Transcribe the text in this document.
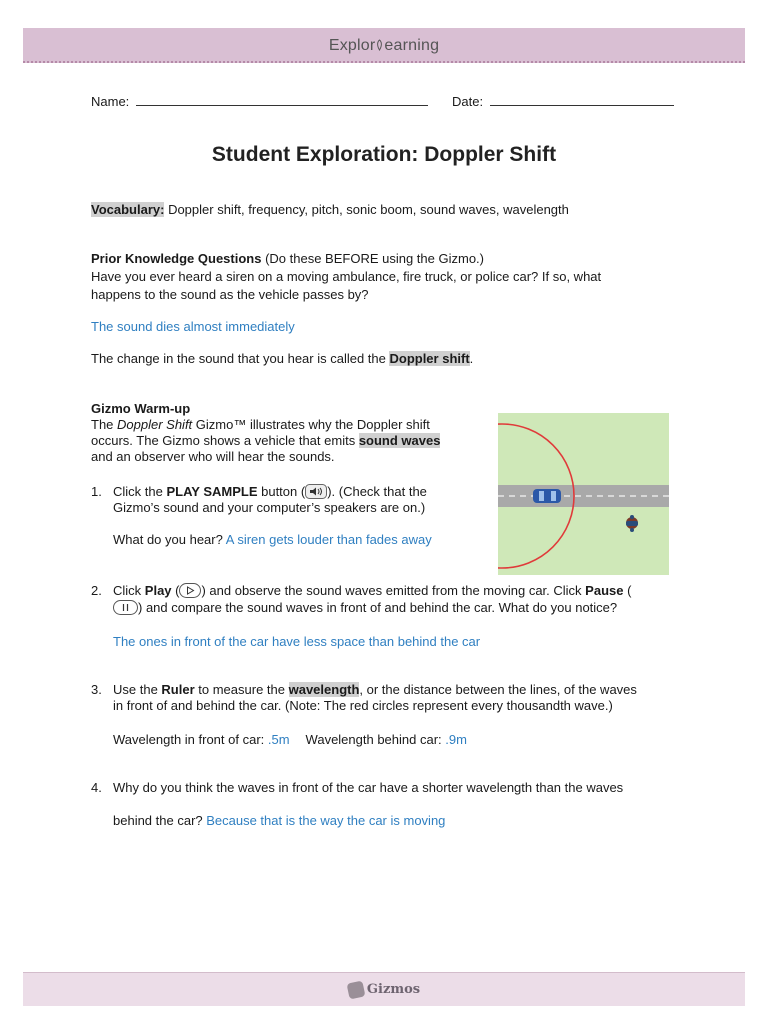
Explor earning
Name:	Date:
Student Exploration: Doppler Shift
Vocabulary: Doppler shift, frequency, pitch, sonic boom, sound waves, wavelength
Prior Knowledge Questions (Do these BEFORE using the Gizmo.)
Have you ever heard a siren on a moving ambulance, fire truck, or police car? If so, what
happens to the sound as the vehicle passes by?
The sound dies almost immediately
The change in the sound that you hear is called the Doppler shift.
Gizmo Warm-up
The Doppler Shift Gizmo™ illustrates why the Doppler shift
occurs. The Gizmo shows a vehicle that emits sound waves
and an observer who will hear the sounds.
1. Click the PLAY SAMPLE button ( ). (Check that the
Gizmo’s sound and your computer’s speakers are on.)
What do you hear? A siren gets louder than fades away
2. Click Play ( ) and observe the sound waves emitted from the moving car. Click Pause (
) and compare the sound waves in front of and behind the car. What do you notice?
The ones in front of the car have less space than behind the car
3. Use the Ruler to measure the wavelength, or the distance between the lines, of the waves
in front of and behind the car. (Note: The red circles represent every thousandth wave.)
Wavelength in front of car: .5m Wavelength behind car: .9m
4. Why do you think the waves in front of the car have a shorter wavelength than the waves
behind the car? Because that is the way the car is moving
Gizmos
